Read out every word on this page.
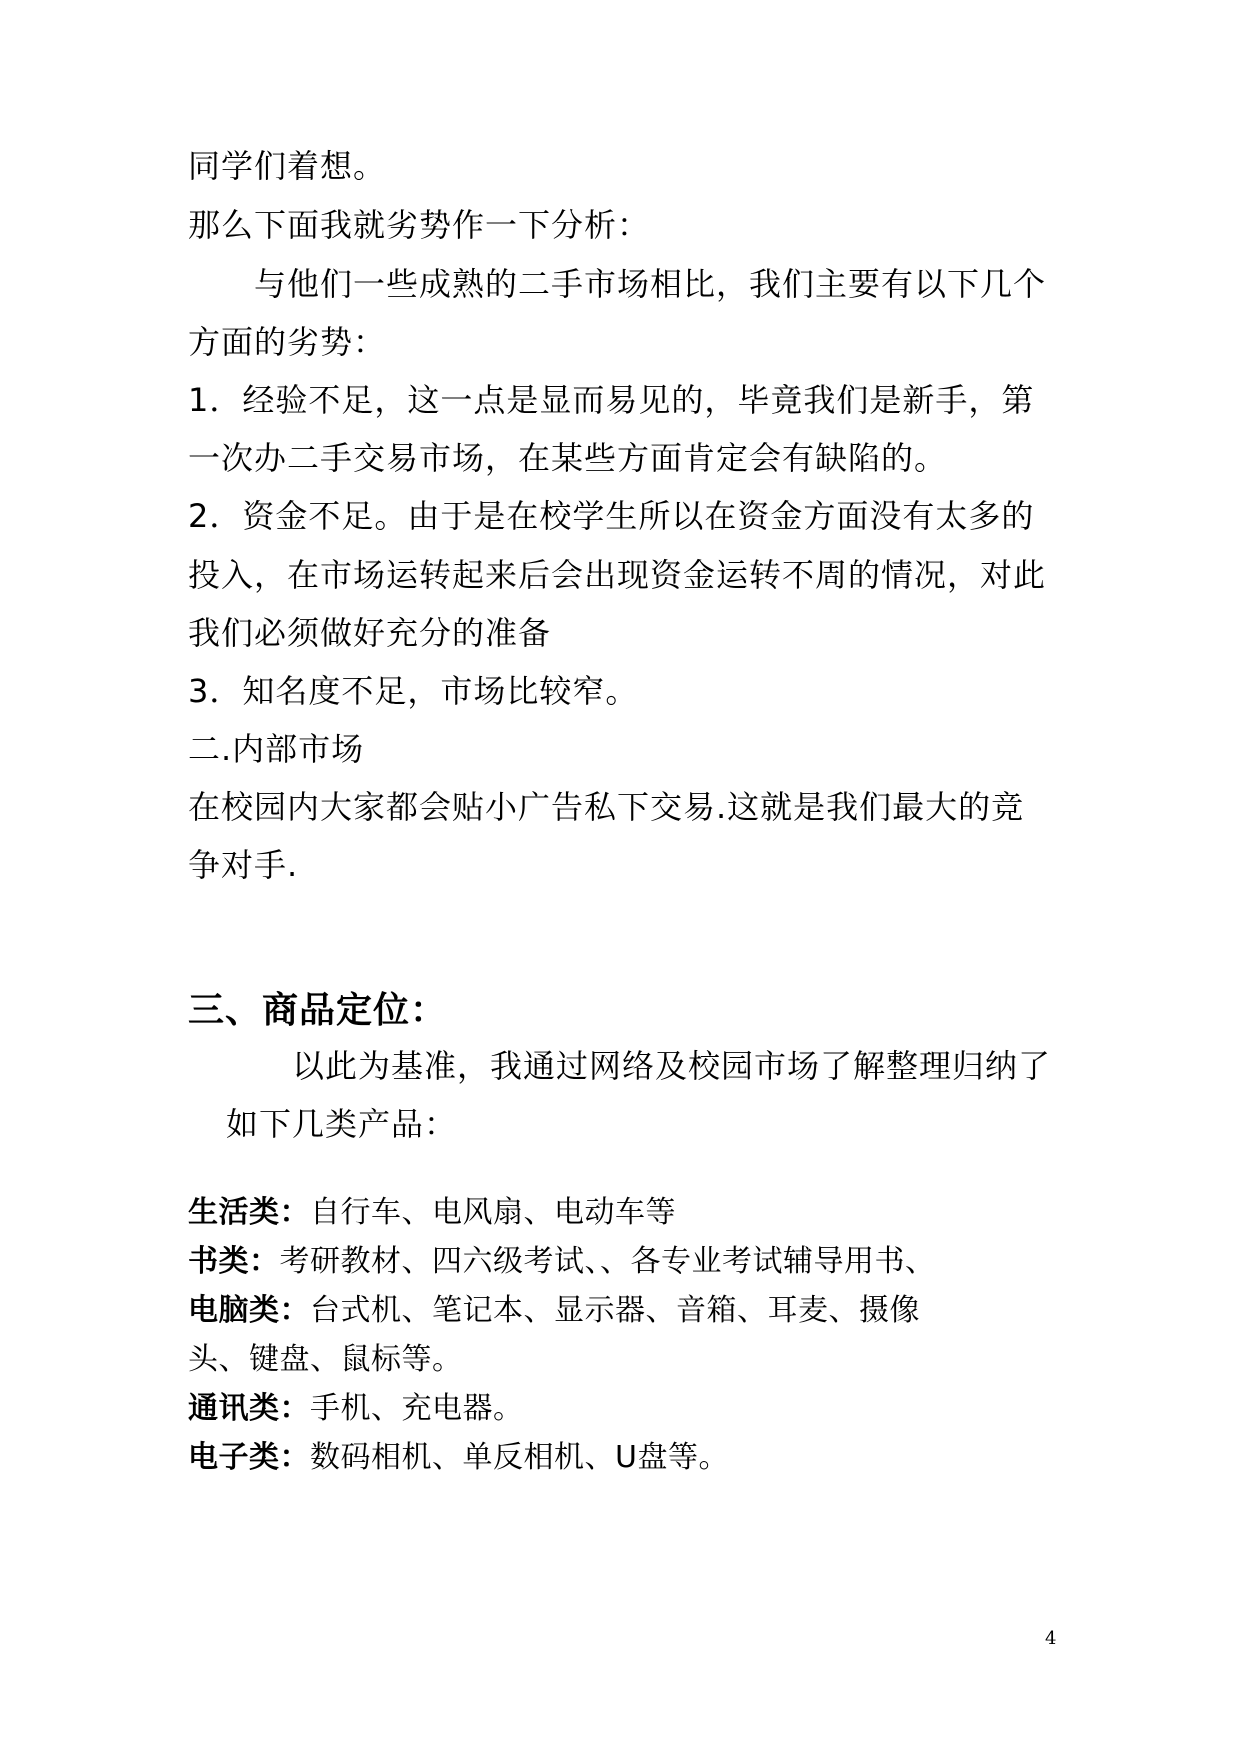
同学们着想。
那么下面我就劣势作一下分析：
与他们一些成熟的二手市场相比，我们主要有以下几个
方面的劣势：
1．经验不足，这一点是显而易见的，毕竟我们是新手，第
一次办二手交易市场，在某些方面肯定会有缺陷的。
2．资金不足。由于是在校学生所以在资金方面没有太多的
投入，在市场运转起来后会出现资金运转不周的情况，对此
我们必须做好充分的准备
3．知名度不足，市场比较窄。
二.内部市场
在校园内大家都会贴小广告私下交易.这就是我们最大的竞
争对手.
三、商品定位：
以此为基准，我通过网络及校园市场了解整理归纳了
如下几类产品：
生活类：自行车、电风扇、电动车等
书类：考研教材、四六级考试、、各专业考试辅导用书、
电脑类：台式机、笔记本、显示器、音箱、耳麦、摄像
头、键盘、鼠标等。
通讯类：手机、充电器。
电子类：数码相机、单反相机、U盘等。
4
